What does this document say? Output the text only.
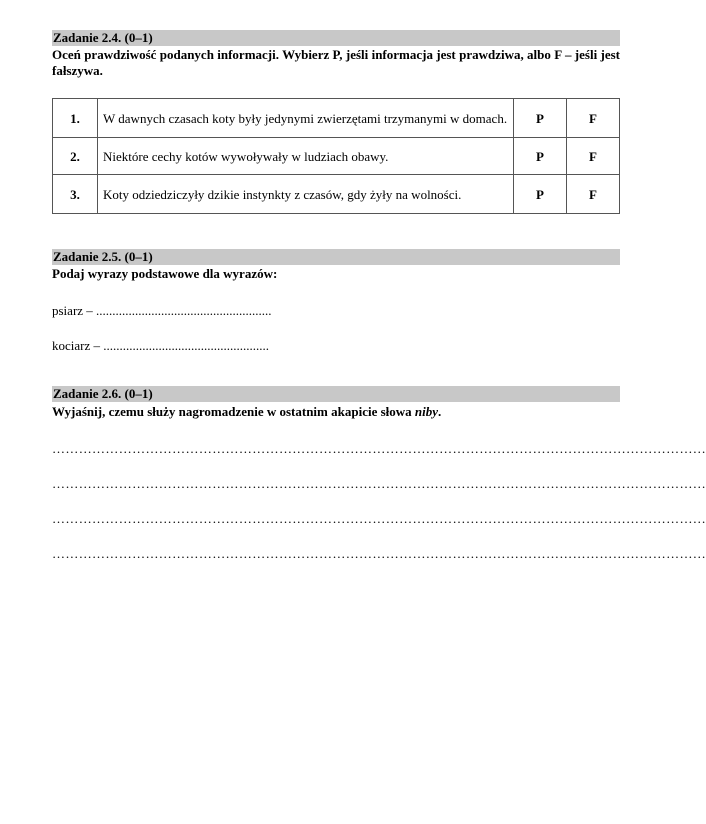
Zadanie 2.4. (0–1)
Oceń prawdziwość podanych informacji. Wybierz P, jeśli informacja jest prawdziwa, albo F – jeśli jest fałszywa.
1.	W dawnych czasach koty były jedynymi zwierzętami trzymanymi w domach.	P	F
2.	Niektóre cechy kotów wywoływały w ludziach obawy.	P	F
3.	Koty odziedziczyły dzikie instynkty z czasów, gdy żyły na wolności.	P	F
Zadanie 2.5. (0–1)
Podaj wyrazy podstawowe dla wyrazów:
psiarz – ......................................................
kociarz – ...................................................
Zadanie 2.6. (0–1)
Wyjaśnij, czemu służy nagromadzenie w ostatnim akapicie słowa niby.
…………………………………………………………………………………………………………………………………
…………………………………………………………………………………………………………………………………
…………………………………………………………………………………………………………………………………
…………………………………………………………………………………………………………………………………
